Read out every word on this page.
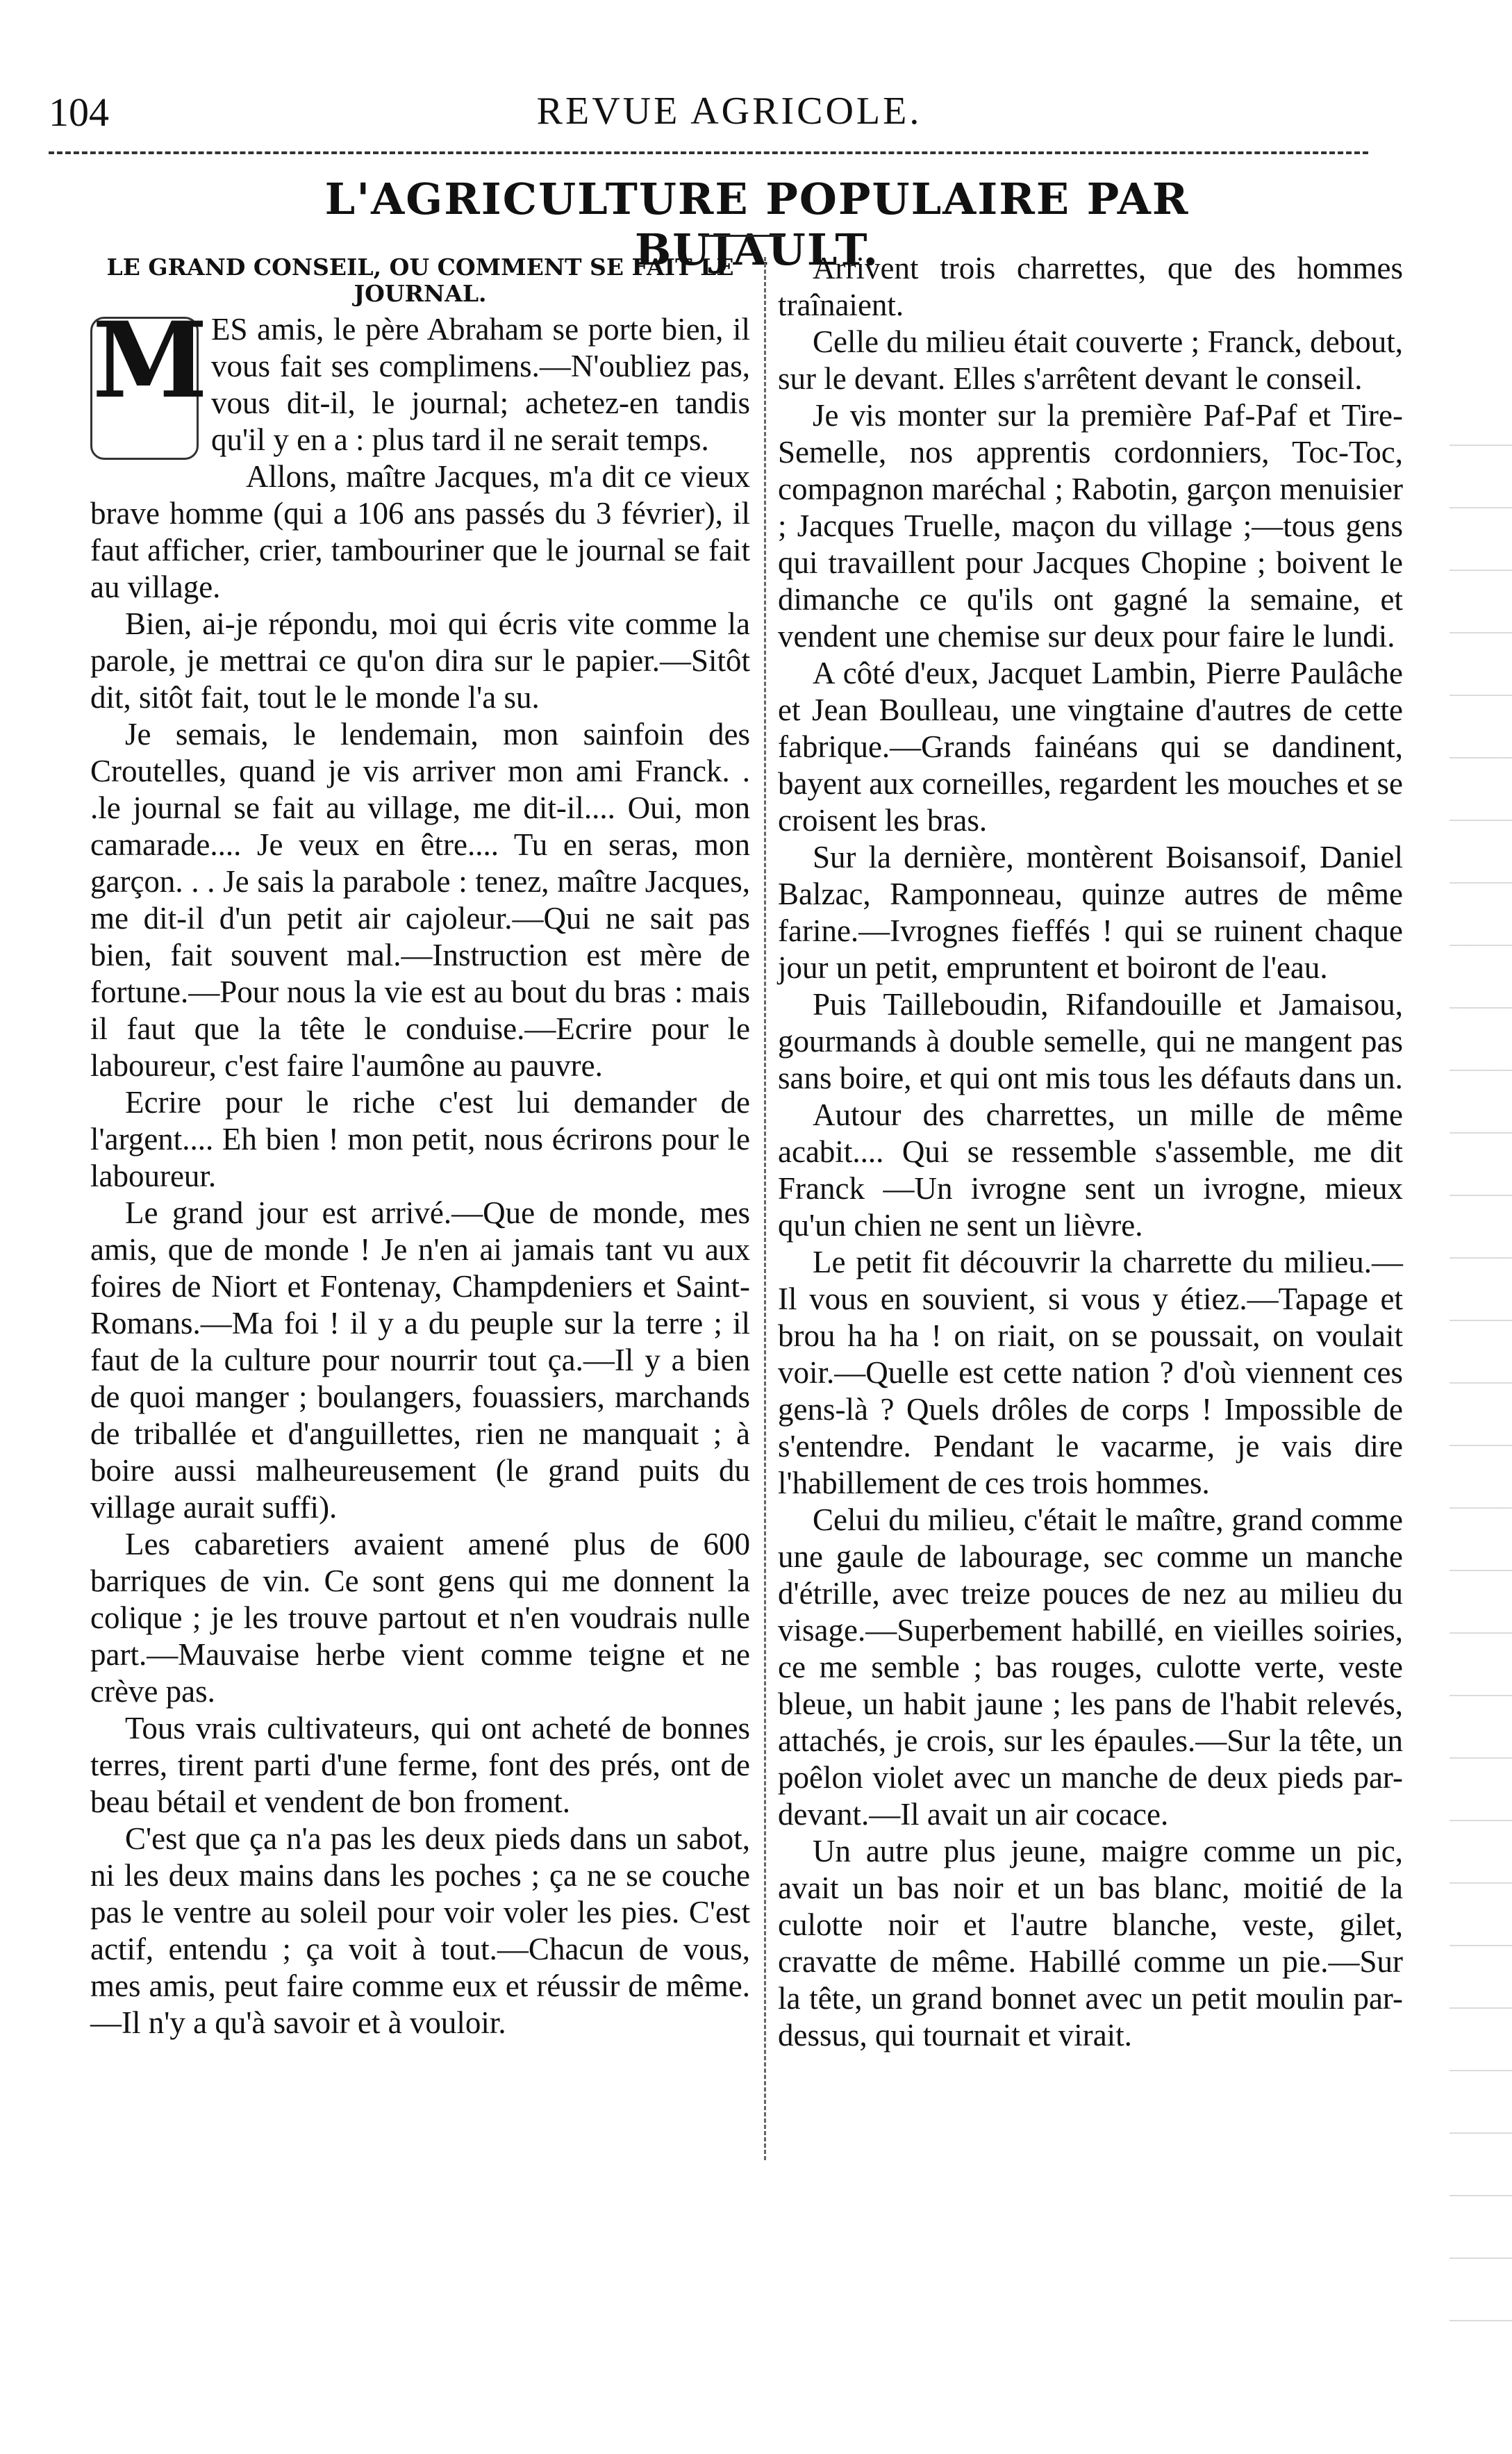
104	REVUE AGRICOLE.
L'AGRICULTURE POPULAIRE PAR BUJAULT.
LE GRAND CONSEIL, OU COMMENT SE FAIT LE JOURNAL.

M ES amis, le père Abraham se porte bien, il vous fait ses complimens.—N'oubliez pas, vous dit-il, le journal; achetez-en tandis qu'il y en a : plus tard il ne serait temps.

Allons, maître Jacques, m'a dit ce vieux brave homme (qui a 106 ans passés du 3 février), il faut afficher, crier, tambouriner que le journal se fait au village.

Bien, ai-je répondu, moi qui écris vite comme la parole, je mettrai ce qu'on dira sur le papier.—Sitôt dit, sitôt fait, tout le le monde l'a su.

Je semais, le lendemain, mon sainfoin des Croutelles, quand je vis arriver mon ami Franck. . .le journal se fait au village, me dit-il.... Oui, mon camarade.... Je veux en être.... Tu en seras, mon garçon. . . Je sais la parabole : tenez, maître Jacques, me dit-il d'un petit air cajoleur.—Qui ne sait pas bien, fait souvent mal.—Instruction est mère de fortune.—Pour nous la vie est au bout du bras : mais il faut que la tête le conduise.—Ecrire pour le laboureur, c'est faire l'aumône au pauvre.

Ecrire pour le riche c'est lui demander de l'argent.... Eh bien ! mon petit, nous écrirons pour le laboureur.

Le grand jour est arrivé.—Que de monde, mes amis, que de monde ! Je n'en ai jamais tant vu aux foires de Niort et Fontenay, Champdeniers et Saint-Romans.—Ma foi ! il y a du peuple sur la terre ; il faut de la culture pour nourrir tout ça.—Il y a bien de quoi manger ; boulangers, fouassiers, marchands de triballée et d'anguillettes, rien ne manquait ; à boire aussi malheureusement (le grand puits du village aurait suffi).

Les cabaretiers avaient amené plus de 600 barriques de vin. Ce sont gens qui me donnent la colique ; je les trouve partout et n'en voudrais nulle part.—Mauvaise herbe vient comme teigne et ne crève pas.

Tous vrais cultivateurs, qui ont acheté de bonnes terres, tirent parti d'une ferme, font des prés, ont de beau bétail et vendent de bon froment.

C'est que ça n'a pas les deux pieds dans un sabot, ni les deux mains dans les poches ; ça ne se couche pas le ventre au soleil pour voir voler les pies. C'est actif, entendu ; ça voit à tout.—Chacun de vous, mes amis, peut faire comme eux et réussir de même.—Il n'y a qu'à savoir et à vouloir.

Arrivent trois charrettes, que des hommes traînaient.

Celle du milieu était couverte ; Franck, debout, sur le devant. Elles s'arrêtent devant le conseil.

Je vis monter sur la première Paf-Paf et Tire-Semelle, nos apprentis cordonniers, Toc-Toc, compagnon maréchal ; Rabotin, garçon menuisier ; Jacques Truelle, maçon du village ;—tous gens qui travaillent pour Jacques Chopine ; boivent le dimanche ce qu'ils ont gagné la semaine, et vendent une chemise sur deux pour faire le lundi.

A côté d'eux, Jacquet Lambin, Pierre Paulâche et Jean Boulleau, une vingtaine d'autres de cette fabrique.—Grands fainéans qui se dandinent, bayent aux corneilles, regardent les mouches et se croisent les bras.

Sur la dernière, montèrent Boisansoif, Daniel Balzac, Ramponneau, quinze autres de même farine.—Ivrognes fieffés ! qui se ruinent chaque jour un petit, empruntent et boiront de l'eau.

Puis Tailleboudin, Rifandouille et Jamaisou, gourmands à double semelle, qui ne mangent pas sans boire, et qui ont mis tous les défauts dans un.

Autour des charrettes, un mille de même acabit.... Qui se ressemble s'assemble, me dit Franck —Un ivrogne sent un ivrogne, mieux qu'un chien ne sent un lièvre.

Le petit fit découvrir la charrette du milieu.—Il vous en souvient, si vous y étiez.—Tapage et brou ha ha ! on riait, on se poussait, on voulait voir.—Quelle est cette nation ? d'où viennent ces gens-là ? Quels drôles de corps ! Impossible de s'entendre. Pendant le vacarme, je vais dire l'habillement de ces trois hommes.

Celui du milieu, c'était le maître, grand comme une gaule de labourage, sec comme un manche d'étrille, avec treize pouces de nez au milieu du visage.—Superbement habillé, en vieilles soiries, ce me semble ; bas rouges, culotte verte, veste bleue, un habit jaune ; les pans de l'habit relevés, attachés, je crois, sur les épaules.—Sur la tête, un poêlon violet avec un manche de deux pieds par-devant.—Il avait un air cocace.

Un autre plus jeune, maigre comme un pic, avait un bas noir et un bas blanc, moitié de la culotte noir et l'autre blanche, veste, gilet, cravatte de même. Habillé comme un pie.—Sur la tête, un grand bonnet avec un petit moulin par-dessus, qui tournait et virait.
